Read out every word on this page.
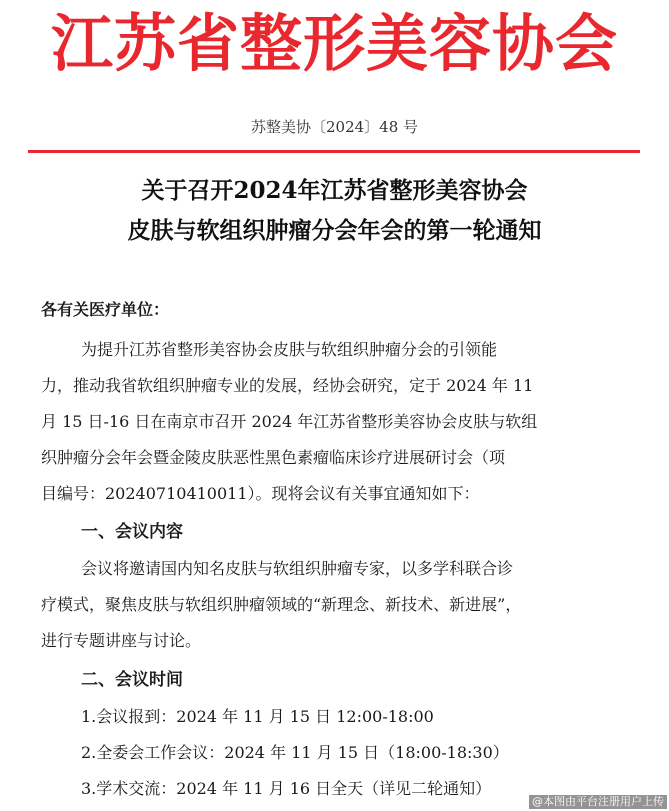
江苏省整形美容协会
苏整美协〔2024〕48 号
关于召开2024年江苏省整形美容协会
皮肤与软组织肿瘤分会年会的第一轮通知
各有关医疗单位：
为提升江苏省整形美容协会皮肤与软组织肿瘤分会的引领能
力，推动我省软组织肿瘤专业的发展，经协会研究，定于 2024 年 11
月 15 日-16 日在南京市召开 2024 年江苏省整形美容协会皮肤与软组
织肿瘤分会年会暨金陵皮肤恶性黑色素瘤临床诊疗进展研讨会（项
目编号：20240710410011）。现将会议有关事宜通知如下：
一、会议内容
会议将邀请国内知名皮肤与软组织肿瘤专家，以多学科联合诊
疗模式，聚焦皮肤与软组织肿瘤领域的“新理念、新技术、新进展”，
进行专题讲座与讨论。
二、会议时间
1.会议报到：2024 年 11 月 15 日 12:00-18:00
2.全委会工作会议：2024 年 11 月 15 日（18:00-18:30）
3.学术交流：2024 年 11 月 16 日全天（详见二轮通知）
@本图由平台注册用户上传
